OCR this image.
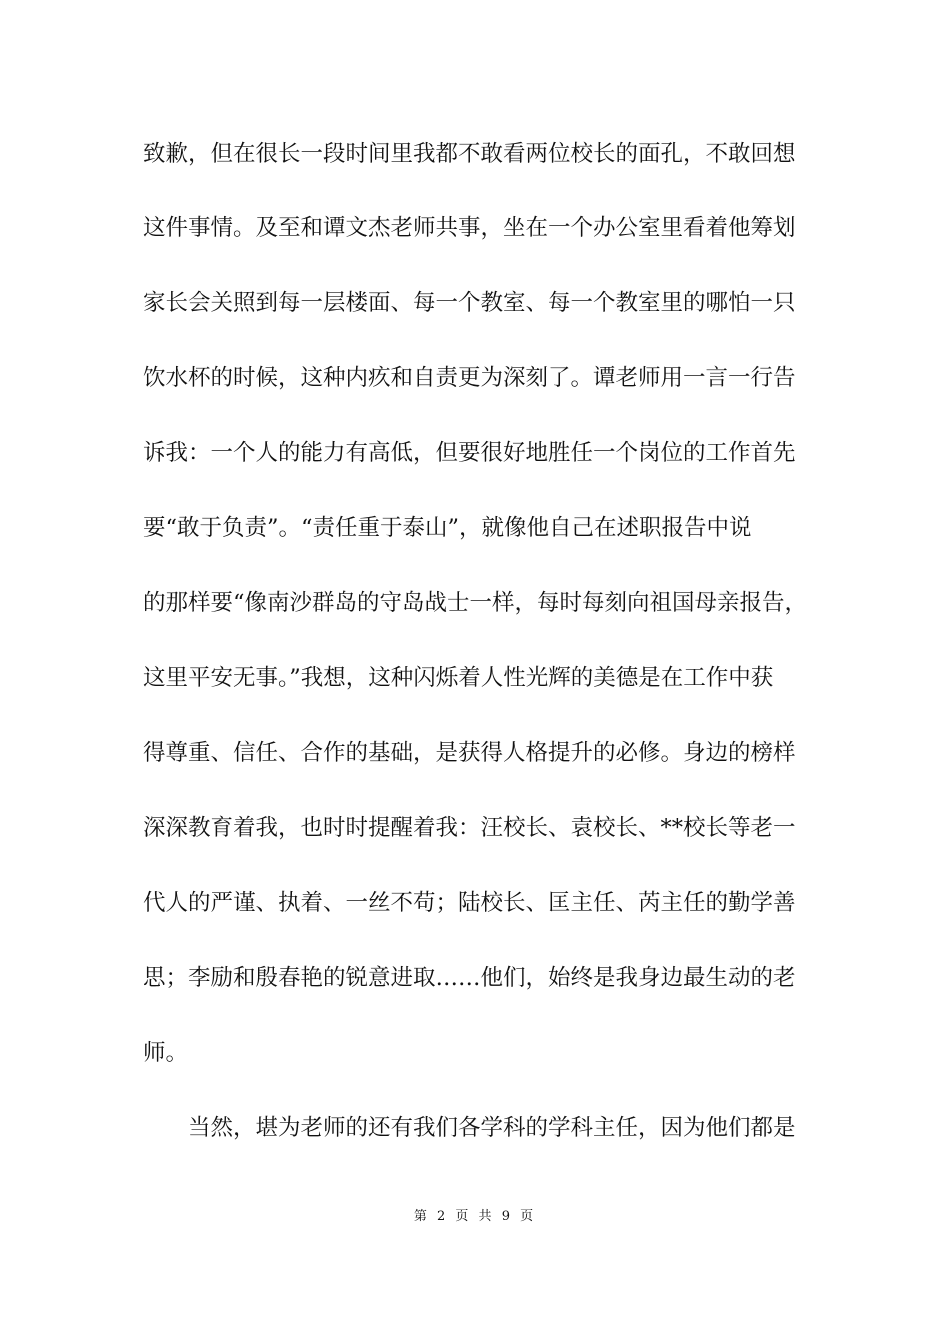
致歉，但在很长一段时间里我都不敢看两位校长的面孔，不敢回想
这件事情。及至和谭文杰老师共事，坐在一个办公室里看着他筹划
家长会关照到每一层楼面、每一个教室、每一个教室里的哪怕一只
饮水杯的时候，这种内疚和自责更为深刻了。谭老师用一言一行告
诉我：一个人的能力有高低，但要很好地胜任一个岗位的工作首先
要“敢于负责”。“责任重于泰山”，就像他自己在述职报告中说
的那样要“像南沙群岛的守岛战士一样，每时每刻向祖国母亲报告，
这里平安无事。”我想，这种闪烁着人性光辉的美德是在工作中获
得尊重、信任、合作的基础，是获得人格提升的必修。身边的榜样
深深教育着我，也时时提醒着我：汪校长、袁校长、**校长等老一
代人的严谨、执着、一丝不苟；陆校长、匡主任、芮主任的勤学善
思；李励和殷春艳的锐意进取……他们，始终是我身边最生动的老
师。
当然，堪为老师的还有我们各学科的学科主任，因为他们都是
第 2 页 共 9 页
